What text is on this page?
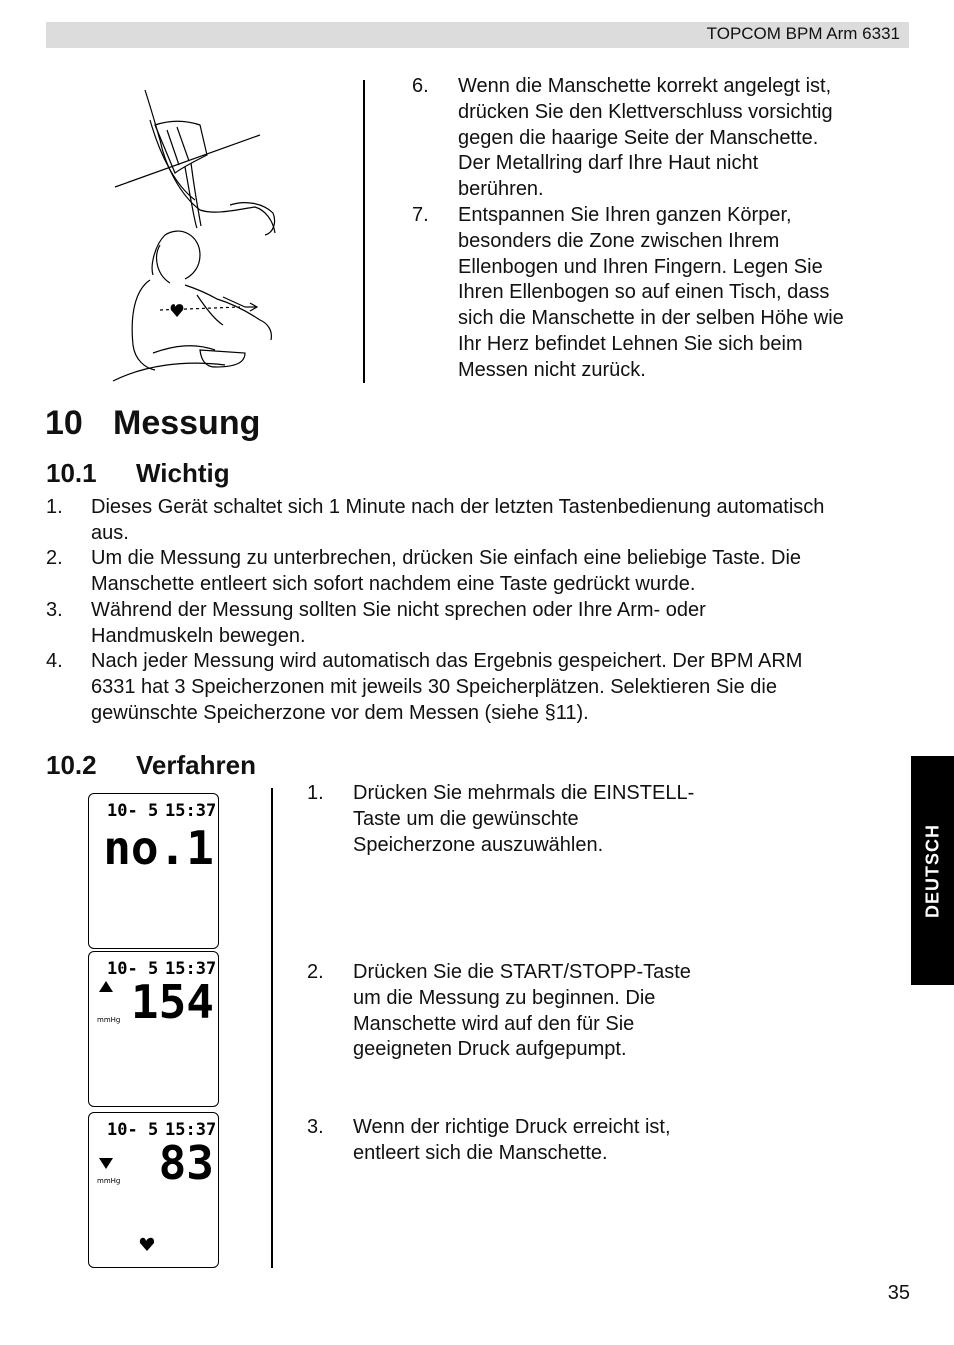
TOPCOM BPM Arm 6331
6. Wenn die Manschette korrekt angelegt ist,
drücken Sie den Klettverschluss vorsichtig
gegen die haarige Seite der Manschette.
Der Metallring darf Ihre Haut nicht
berühren.
7. Entspannen Sie Ihren ganzen Körper,
besonders die Zone zwischen Ihrem
Ellenbogen und Ihren Fingern. Legen Sie
Ihren Ellenbogen so auf einen Tisch, dass
sich die Manschette in der selben Höhe wie
Ihr Herz befindet Lehnen Sie sich beim
Messen nicht zurück.
10 Messung
10.1 Wichtig
1. Dieses Gerät schaltet sich 1 Minute nach der letzten Tastenbedienung automatisch
aus.
2. Um die Messung zu unterbrechen, drücken Sie einfach eine beliebige Taste. Die
Manschette entleert sich sofort nachdem eine Taste gedrückt wurde.
3. Während der Messung sollten Sie nicht sprechen oder Ihre Arm- oder
Handmuskeln bewegen.
4. Nach jeder Messung wird automatisch das Ergebnis gespeichert. Der BPM ARM
6331 hat 3 Speicherzonen mit jeweils 30 Speicherplätzen. Selektieren Sie die
gewünschte Speicherzone vor dem Messen (siehe §11).
10.2 Verfahren
10- 5 15:37
no.1
10- 5 15:37
154
mmHg
10- 5 15:37
83
mmHg
1. Drücken Sie mehrmals die EINSTELL-
Taste um die gewünschte
Speicherzone auszuwählen.
2. Drücken Sie die START/STOPP-Taste
um die Messung zu beginnen. Die
Manschette wird auf den für Sie
geeigneten Druck aufgepumpt.
3. Wenn der richtige Druck erreicht ist,
entleert sich die Manschette.
DEUTSCH
35
